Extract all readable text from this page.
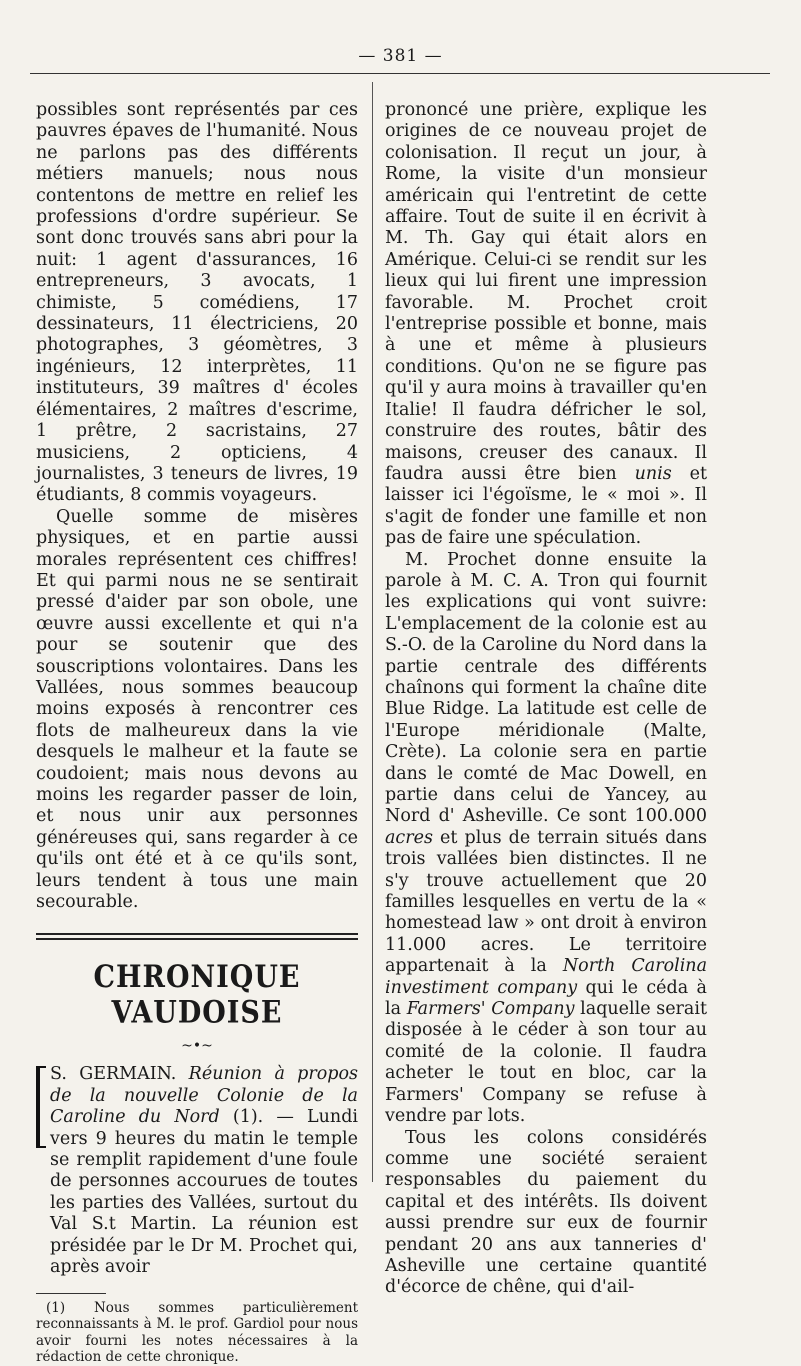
— 381 —

possibles sont représentés par ces pauvres épaves de l'humanité. Nous ne parlons pas des différents métiers manuels; nous nous contentons de mettre en relief les professions d'ordre supérieur. Se sont donc trouvés sans abri pour la nuit: 1 agent d'assurances, 16 entrepreneurs, 3 avocats, 1 chimiste, 5 comédiens, 17 dessinateurs, 11 électriciens, 20 photographes, 3 géomètres, 3 ingénieurs, 12 interprètes, 11 instituteurs, 39 maîtres d' écoles élémentaires, 2 maîtres d'escrime, 1 prêtre, 2 sacristains, 27 musiciens, 2 opticiens, 4 journalistes, 3 teneurs de livres, 19 étudiants, 8 commis voyageurs.

Quelle somme de misères physiques, et en partie aussi morales représentent ces chiffres! Et qui parmi nous ne se sentirait pressé d'aider par son obole, une œuvre aussi excellente et qui n'a pour se soutenir que des souscriptions volontaires. Dans les Vallées, nous sommes beaucoup moins exposés à rencontrer ces flots de malheureux dans la vie desquels le malheur et la faute se coudoient; mais nous devons au moins les regarder passer de loin, et nous unir aux personnes généreuses qui, sans regarder à ce qu'ils ont été et à ce qu'ils sont, leurs tendent à tous une main secourable.

CHRONIQUE VAUDOISE
~•~

S. GERMAIN. Réunion à propos de la nouvelle Colonie de la Caroline du Nord (1). — Lundi vers 9 heures du matin le temple se remplit rapidement d'une foule de personnes accourues de toutes les parties des Vallées, surtout du Val S.t Martin. La réunion est présidée par le Dr M. Prochet qui, après avoir

(1) Nous sommes particulièrement reconnaissants à M. le prof. Gardiol pour nous avoir fourni les notes nécessaires à la rédaction de cette chronique.

prononcé une prière, explique les origines de ce nouveau projet de colonisation. Il reçut un jour, à Rome, la visite d'un monsieur américain qui l'entretint de cette affaire. Tout de suite il en écrivit à M. Th. Gay qui était alors en Amérique. Celui-ci se rendit sur les lieux qui lui firent une impression favorable. M. Prochet croit l'entreprise possible et bonne, mais à une et même à plusieurs conditions. Qu'on ne se figure pas qu'il y aura moins à travailler qu'en Italie! Il faudra défricher le sol, construire des routes, bâtir des maisons, creuser des canaux. Il faudra aussi être bien unis et laisser ici l'égoïsme, le « moi ». Il s'agit de fonder une famille et non pas de faire une spéculation.

M. Prochet donne ensuite la parole à M. C. A. Tron qui fournit les explications qui vont suivre: L'emplacement de la colonie est au S.-O. de la Caroline du Nord dans la partie centrale des différents chaînons qui forment la chaîne dite Blue Ridge. La latitude est celle de l'Europe méridionale (Malte, Crète). La colonie sera en partie dans le comté de Mac Dowell, en partie dans celui de Yancey, au Nord d' Asheville. Ce sont 100.000 acres et plus de terrain situés dans trois vallées bien distinctes. Il ne s'y trouve actuellement que 20 familles lesquelles en vertu de la « homestead law » ont droit à environ 11.000 acres. Le territoire appartenait à la North Carolina investiment company qui le céda à la Farmers' Company laquelle serait disposée à le céder à son tour au comité de la colonie. Il faudra acheter le tout en bloc, car la Farmers' Company se refuse à vendre par lots.

Tous les colons considérés comme une société seraient responsables du paiement du capital et des intérêts. Ils doivent aussi prendre sur eux de fournir pendant 20 ans aux tanneries d' Asheville une certaine quantité d'écorce de chêne, qui d'ail-
